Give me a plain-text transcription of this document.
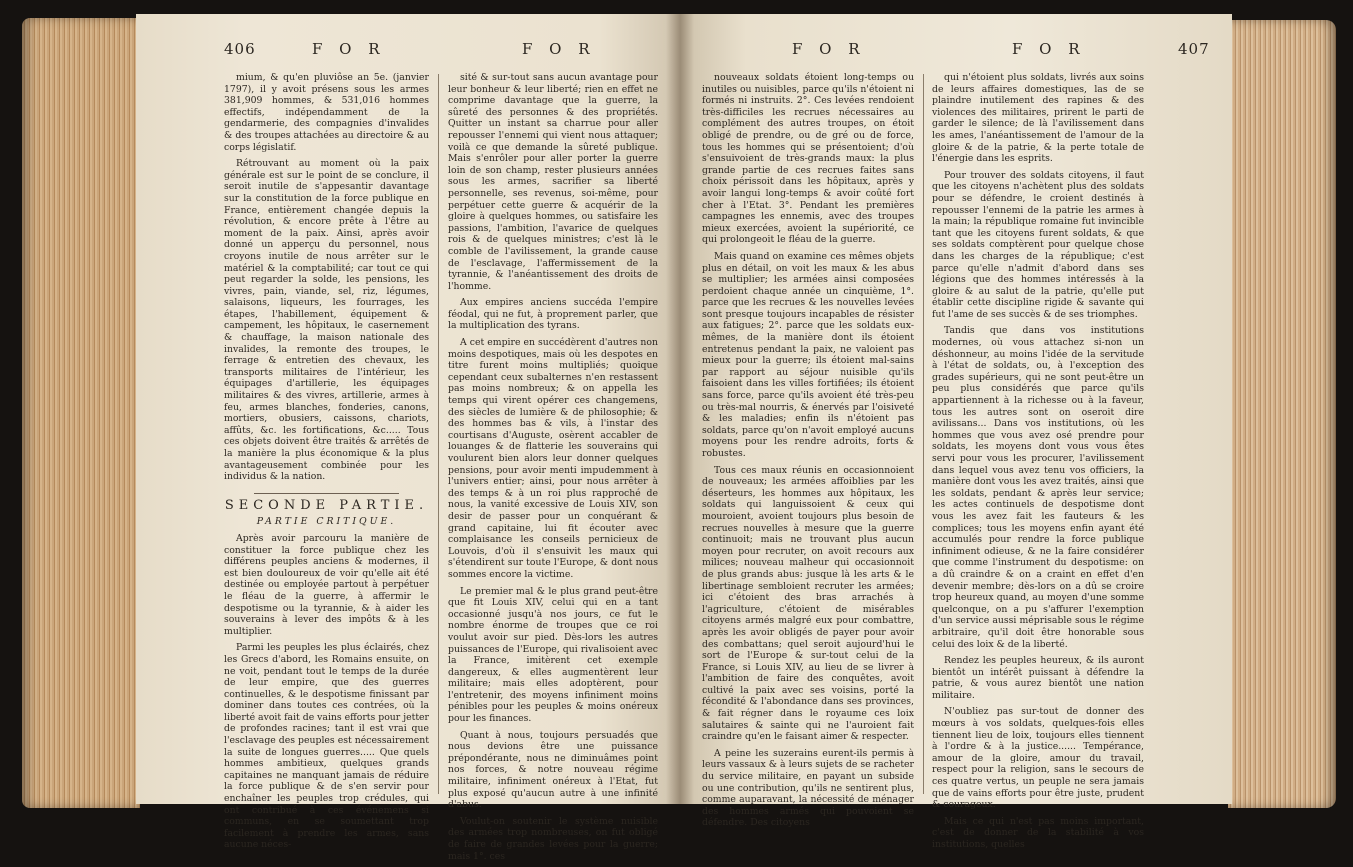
406	F O R	F O R

mium, & qu'en pluviôse an 5e. (janvier 1797), il y avoit présens sous les armes 381,909 hommes, & 531,016 hommes effectifs, indépendamment de la gendarmerie, des compagnies d'invalides & des troupes attachées au directoire & au corps législatif.

Rétrouvant au moment où la paix générale est sur le point de se conclure, il seroit inutile de s'appesantir davantage sur la constitution de la force publique en France, entièrement changée depuis la révolution, & encore prête à l'être au moment de la paix. Ainsi, après avoir donné un apperçu du personnel, nous croyons inutile de nous arrêter sur le matériel & la comptabilité; car tout ce qui peut regarder la solde, les pensions, les vivres, pain, viande, sel, riz, légumes, salaisons, liqueurs, les fourrages, les étapes, l'habillement, équipement & campement, les hôpitaux, le casernement & chauffage, la maison nationale des invalides, la remonte des troupes, le ferrage & entretien des chevaux, les transports militaires de l'intérieur, les équipages d'artillerie, les équipages militaires & des vivres, artillerie, armes à feu, armes blanches, fonderies, canons, mortiers, obusiers, caissons, chariots, affûts, &c. les fortifications, &c..... Tous ces objets doivent être traités & arrêtés de la manière la plus économique & la plus avantageusement combinée pour les individus & la nation.

SECONDE PARTIE.

PARTIE CRITIQUE.

Après avoir parcouru la manière de constituer la force publique chez les différens peuples anciens & modernes, il est bien douloureux de voir qu'elle ait été destinée ou employée partout à perpétuer le fléau de la guerre, à affermir le despotisme ou la tyrannie, & à aider les souverains à lever des impôts & à les multiplier.

Parmi les peuples les plus éclairés, chez les Grecs d'abord, les Romains ensuite, on ne voit, pendant tout le temps de la durée de leur empire, que des guerres continuelles, & le despotisme finissant par dominer dans toutes ces contrées, où la liberté avoit fait de vains efforts pour jetter de profondes racines; tant il est vrai que l'esclavage des peuples est nécessairement la suite de longues guerres..... Que quels hommes ambitieux, quelques grands capitaines ne manquant jamais de réduire la force publique & de s'en servir pour enchaîner les peuples trop crédules, qui ont contribué à ces événemens si communs, en se soumettant trop facilement à prendre les armes, sans aucune néces-

sité & sur-tout sans aucun avantage pour leur bonheur & leur liberté; rien en effet ne comprime davantage que la guerre, la sûreté des personnes & des propriétés. Quitter un instant sa charrue pour aller repousser l'ennemi qui vient nous attaquer; voilà ce que demande la sûreté publique. Mais s'enrôler pour aller porter la guerre loin de son champ, rester plusieurs années sous les armes, sacrifier sa liberté personnelle, ses revenus, soi-même, pour perpétuer cette guerre & acquérir de la gloire à quelques hommes, ou satisfaire les passions, l'ambition, l'avarice de quelques rois & de quelques ministres; c'est là le comble de l'avilissement, la grande cause de l'esclavage, l'affermissement de la tyrannie, & l'anéantissement des droits de l'homme.

Aux empires anciens succéda l'empire féodal, qui ne fut, à proprement parler, que la multiplication des tyrans.

A cet empire en succédèrent d'autres non moins despotiques, mais où les despotes en titre furent moins multipliés; quoique cependant ceux subalternes n'en restassent pas moins nombreux; & on appella les temps qui virent opérer ces changemens, des siècles de lumière & de philosophie; & des hommes bas & vils, à l'instar des courtisans d'Auguste, osèrent accabler de louanges & de flatterie les souverains qui voulurent bien alors leur donner quelques pensions, pour avoir menti impudemment à l'univers entier; ainsi, pour nous arrêter à des temps & à un roi plus rapproché de nous, la vanité excessive de Louis XIV, son desir de passer pour un conquérant & grand capitaine, lui fit écouter avec complaisance les conseils pernicieux de Louvois, d'où il s'ensuivit les maux qui s'étendirent sur toute l'Europe, & dont nous sommes encore la victime.

Le premier mal & le plus grand peut-être que fit Louis XIV, celui qui en a tant occasionné jusqu'à nos jours, ce fut le nombre énorme de troupes que ce roi voulut avoir sur pied. Dès-lors les autres puissances de l'Europe, qui rivalisoient avec la France, imitèrent cet exemple dangereux, & elles augmentèrent leur militaire; mais elles adoptèrent, pour l'entretenir, des moyens infiniment moins pénibles pour les peuples & moins onéreux pour les finances.

Quant à nous, toujours persuadés que nous devions être une puissance prépondérante, nous ne diminuâmes point nos forces, & notre nouveau régime militaire, infiniment onéreux à l'Etat, fut plus exposé qu'aucun autre à une infinité d'abus.

Voulut-on soutenir le système nuisible des armées trop nombreuses, on fut obligé de faire de grandes levées pour la guerre; mais 1°. ces

F O R	F O R	407

nouveaux soldats étoient long-temps ou inutiles ou nuisibles, parce qu'ils n'étoient ni formés ni instruits. 2°. Ces levées rendoient très-difficiles les recrues nécessaires au complément des autres troupes, on étoit obligé de prendre, ou de gré ou de force, tous les hommes qui se présentoient; d'où s'ensuivoient de très-grands maux: la plus grande partie de ces recrues faites sans choix périssoit dans les hôpitaux, après y avoir langui long-temps & avoir coûté fort cher à l'Etat. 3°. Pendant les premières campagnes les ennemis, avec des troupes mieux exercées, avoient la supériorité, ce qui prolongeoit le fléau de la guerre.

Mais quand on examine ces mêmes objets plus en détail, on voit les maux & les abus se multiplier; les armées ainsi composées perdoient chaque année un cinquième, 1°. parce que les recrues & les nouvelles levées sont presque toujours incapables de résister aux fatigues; 2°. parce que les soldats eux-mêmes, de la manière dont ils étoient entretenus pendant la paix, ne valoient pas mieux pour la guerre; ils étoient mal-sains par rapport au séjour nuisible qu'ils faisoient dans les villes fortifiées; ils étoient sans force, parce qu'ils avoient été très-peu ou très-mal nourris, & énervés par l'oisiveté & les maladies; enfin ils n'étoient pas soldats, parce qu'on n'avoit employé aucuns moyens pour les rendre adroits, forts & robustes.

Tous ces maux réunis en occasionnoient de nouveaux; les armées affoiblies par les déserteurs, les hommes aux hôpitaux, les soldats qui languissoient & ceux qui mouroient, avoient toujours plus besoin de recrues nouvelles à mesure que la guerre continuoit; mais ne trouvant plus aucun moyen pour recruter, on avoit recours aux milices; nouveau malheur qui occasionnoit de plus grands abus: jusque là les arts & le libertinage sembloient recruter les armées; ici c'étoient des bras arrachés à l'agriculture, c'étoient de misérables citoyens armés malgré eux pour combattre, après les avoir obligés de payer pour avoir des combattans; quel seroit aujourd'hui le sort de l'Europe & sur-tout celui de la France, si Louis XIV, au lieu de se livrer à l'ambition de faire des conquêtes, avoit cultivé la paix avec ses voisins, porté la fécondité & l'abondance dans ses provinces, & fait régner dans le royaume ces loix salutaires & sainte qui ne l'auroient fait craindre qu'en le faisant aimer & respecter.

A peine les suzerains eurent-ils permis à leurs vassaux & à leurs sujets de se racheter du service militaire, en payant un subside ou une contribution, qu'ils ne sentirent plus, comme auparavant, la nécessité de ménager des hommes armés qui pouvoient se défendre. Des citoyens

qui n'étoient plus soldats, livrés aux soins de leurs affaires domestiques, las de se plaindre inutilement des rapines & des violences des militaires, prirent le parti de garder le silence; de là l'avilissement dans les ames, l'anéantissement de l'amour de la gloire & de la patrie, & la perte totale de l'énergie dans les esprits.

Pour trouver des soldats citoyens, il faut que les citoyens n'achètent plus des soldats pour se défendre, le croient destinés à repousser l'ennemi de la patrie les armes à la main; la république romaine fut invincible tant que les citoyens furent soldats, & que ses soldats comptèrent pour quelque chose dans les charges de la république; c'est parce qu'elle n'admit d'abord dans ses légions que des hommes intéressés à la gloire & au salut de la patrie, qu'elle put établir cette discipline rigide & savante qui fut l'ame de ses succès & de ses triomphes.

Tandis que dans vos institutions modernes, où vous attachez si-non un déshonneur, au moins l'idée de la servitude à l'état de soldats, ou, à l'exception des grades supérieurs, qui ne sont peut-être un peu plus considérés que parce qu'ils appartiennent à la richesse ou à la faveur, tous les autres sont on oseroit dire avilissans... Dans vos institutions, où les hommes que vous avez osé prendre pour soldats, les moyens dont vous vous êtes servi pour vous les procurer, l'avilissement dans lequel vous avez tenu vos officiers, la manière dont vous les avez traités, ainsi que les soldats, pendant & après leur service; les actes continuels de despotisme dont vous les avez fait les fauteurs & les complices; tous les moyens enfin ayant été accumulés pour rendre la force publique infiniment odieuse, & ne la faire considérer que comme l'instrument du despotisme: on a dû craindre & on a craint en effet d'en devenir membre; dès-lors on a dû se croire trop heureux quand, au moyen d'une somme quelconque, on a pu s'affurer l'exemption d'un service aussi méprisable sous le régime arbitraire, qu'il doit être honorable sous celui des loix & de la liberté.

Rendez les peuples heureux, & ils auront bientôt un intérêt puissant à défendre la patrie, & vous aurez bientôt une nation militaire.

N'oubliez pas sur-tout de donner des mœurs à vos soldats, quelques-fois elles tiennent lieu de loix, toujours elles tiennent à l'ordre & à la justice...... Tempérance, amour de la gloire, amour du travail, respect pour la religion, sans le secours de ces quatre vertus, un peuple ne sera jamais que de vains efforts pour être juste, prudent & courageux.

Mais ce qui n'est pas moins important, c'est de donner de la stabilité à vos institutions, quelles
